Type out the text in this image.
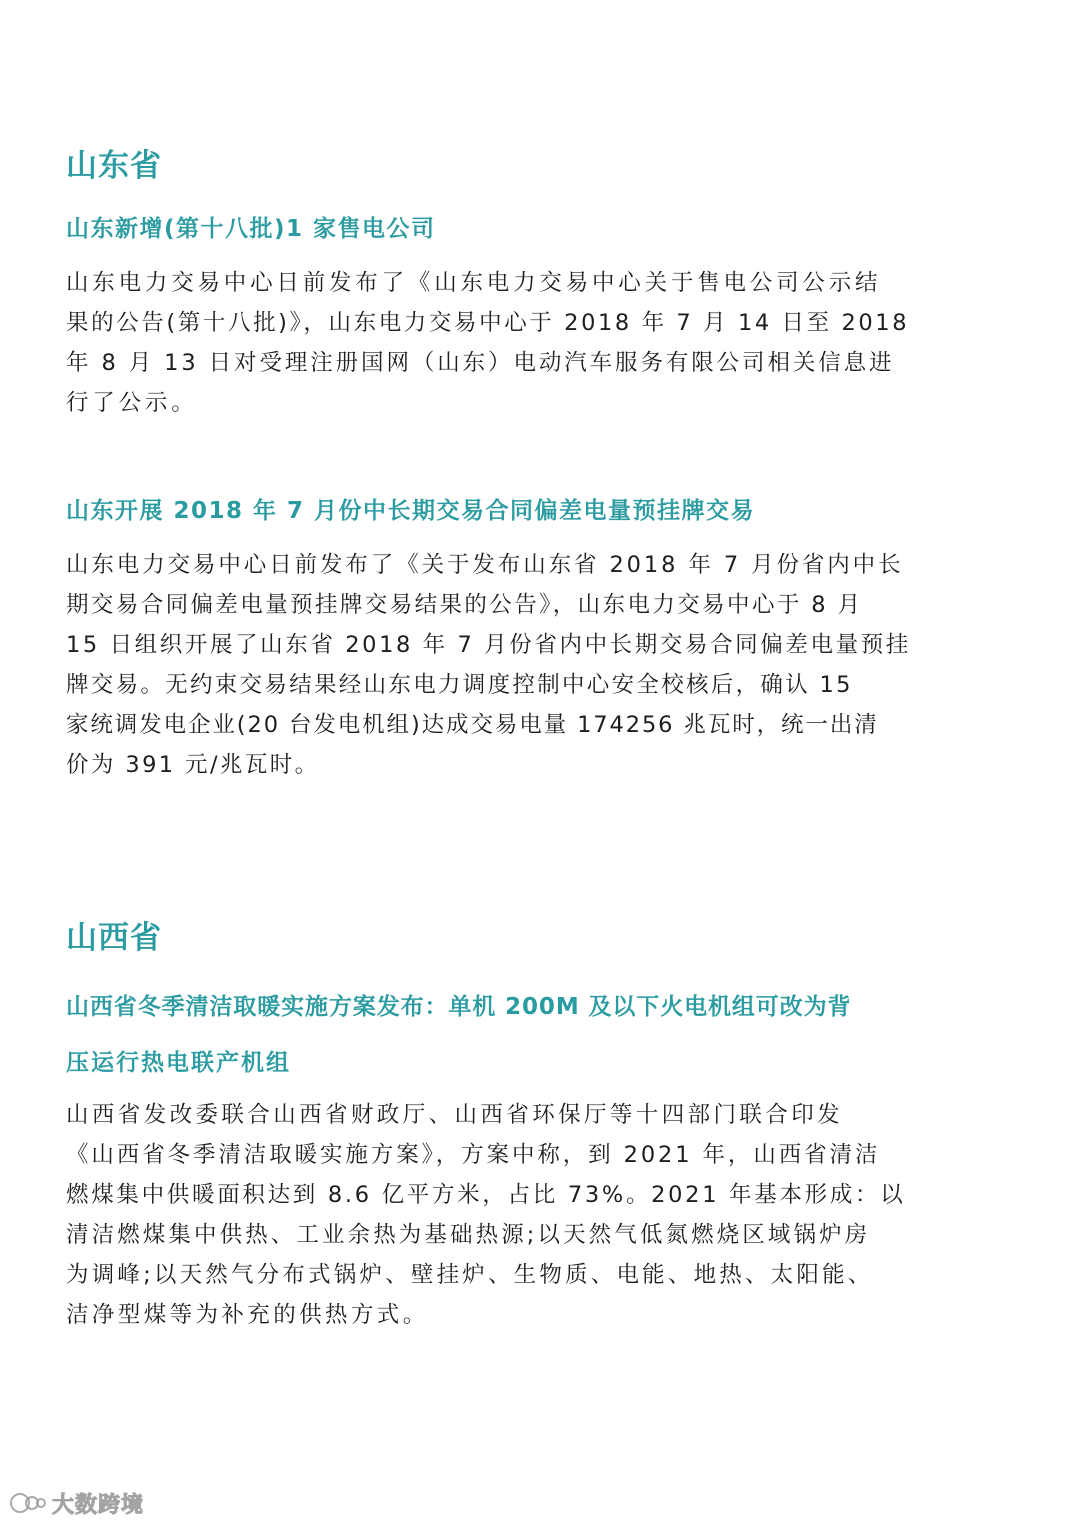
山东省
山东新增(第十八批)1 家售电公司

山东电力交易中心日前发布了《山东电力交易中心关于售电公司公示结

果的公告(第十八批)》，山东电力交易中心于 2018 年 7 月 14 日至 2018

年 8 月 13 日对受理注册国网（山东）电动汽车服务有限公司相关信息进

行了公示。

山东开展 2018 年 7 月份中长期交易合同偏差电量预挂牌交易

山东电力交易中心日前发布了《关于发布山东省 2018 年 7 月份省内中长

期交易合同偏差电量预挂牌交易结果的公告》，山东电力交易中心于 8 月

15 日组织开展了山东省 2018 年 7 月份省内中长期交易合同偏差电量预挂

牌交易。无约束交易结果经山东电力调度控制中心安全校核后，确认 15

家统调发电企业(20 台发电机组)达成交易电量 174256 兆瓦时，统一出清

价为 391 元/兆瓦时。

山西省
山西省冬季清洁取暖实施方案发布：单机 200M 及以下火电机组可改为背
压运行热电联产机组

山西省发改委联合山西省财政厅、山西省环保厅等十四部门联合印发

《山西省冬季清洁取暖实施方案》，方案中称，到 2021 年，山西省清洁

燃煤集中供暖面积达到 8.6 亿平方米，占比 73%。2021 年基本形成：以

清洁燃煤集中供热、工业余热为基础热源;以天然气低氮燃烧区域锅炉房

为调峰;以天然气分布式锅炉、壁挂炉、生物质、电能、地热、太阳能、

洁净型煤等为补充的供热方式。

大数跨境
